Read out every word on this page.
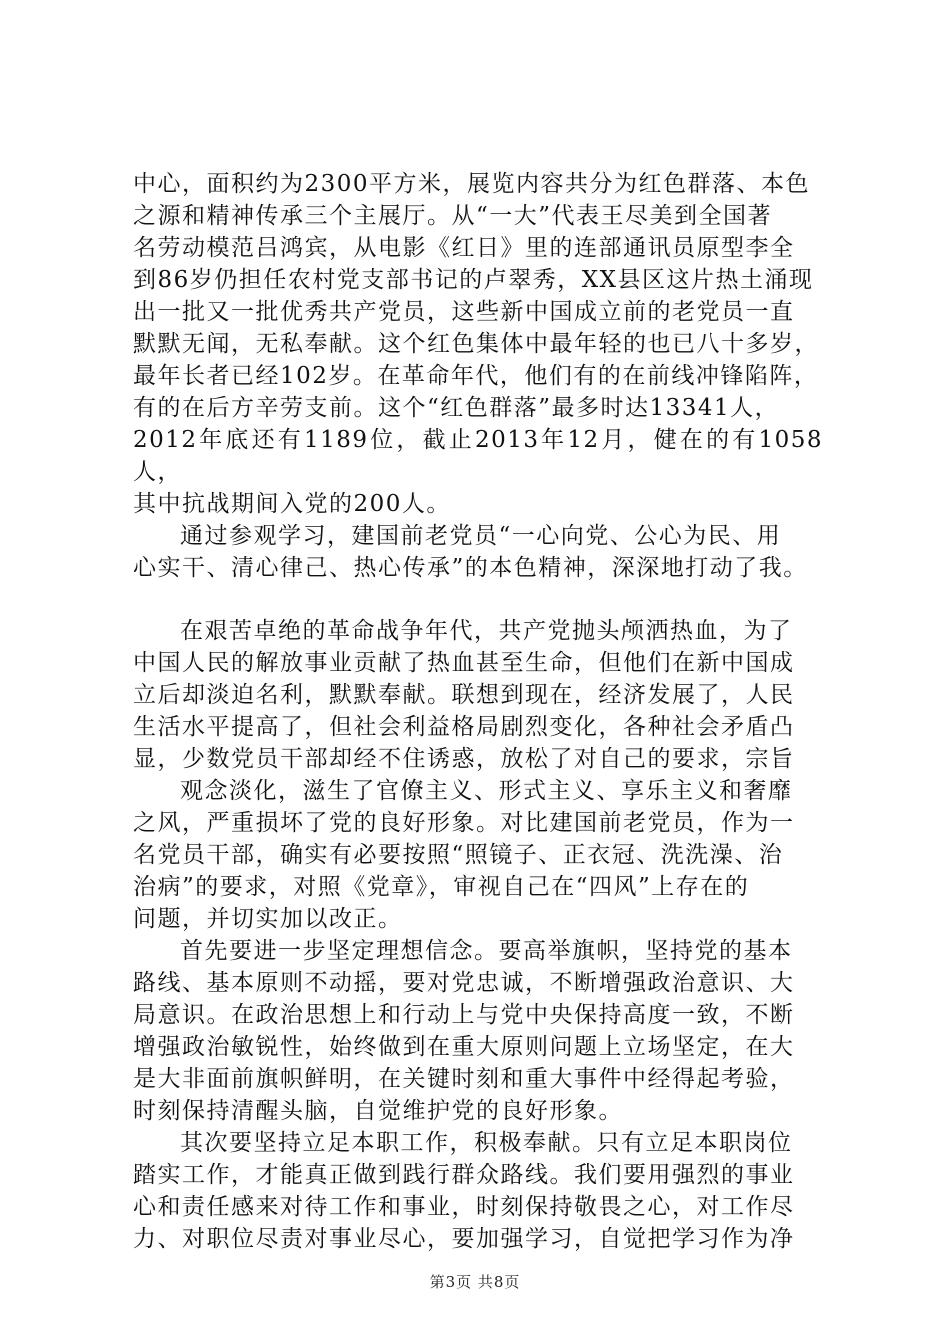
中心，面积约为2300平方米，展览内容共分为红色群落、本色
之源和精神传承三个主展厅。从“一大”代表王尽美到全国著
名劳动模范吕鸿宾，从电影《红日》里的连部通讯员原型李全
到86岁仍担任农村党支部书记的卢翠秀，XX县区这片热土涌现
出一批又一批优秀共产党员，这些新中国成立前的老党员一直
默默无闻，无私奉献。这个红色集体中最年轻的也已八十多岁，
最年长者已经102岁。在革命年代，他们有的在前线冲锋陷阵，
有的在后方辛劳支前。这个“红色群落”最多时达13341人，
2012年底还有1189位，截止2013年12月，健在的有1058人，
其中抗战期间入党的200人。

通过参观学习，建国前老党员“一心向党、公心为民、用
心实干、清心律己、热心传承”的本色精神，深深地打动了我。

在艰苦卓绝的革命战争年代，共产党抛头颅洒热血，为了
中国人民的解放事业贡献了热血甚至生命，但他们在新中国成
立后却淡迫名利，默默奉献。联想到现在，经济发展了，人民
生活水平提高了，但社会利益格局剧烈变化，各种社会矛盾凸
显，少数党员干部却经不住诱惑，放松了对自己的要求，宗旨

观念淡化，滋生了官僚主义、形式主义、享乐主义和奢靡
之风，严重损坏了党的良好形象。对比建国前老党员，作为一
名党员干部，确实有必要按照“照镜子、正衣冠、洗洗澡、治
治病”的要求，对照《党章》，审视自己在“四风”上存在的
问题，并切实加以改正。

首先要进一步坚定理想信念。要高举旗帜，坚持党的基本
路线、基本原则不动摇，要对党忠诚，不断增强政治意识、大
局意识。在政治思想上和行动上与党中央保持高度一致，不断
增强政治敏锐性，始终做到在重大原则问题上立场坚定，在大
是大非面前旗帜鲜明，在关键时刻和重大事件中经得起考验，
时刻保持清醒头脑，自觉维护党的良好形象。

其次要坚持立足本职工作，积极奉献。只有立足本职岗位
踏实工作，才能真正做到践行群众路线。我们要用强烈的事业
心和责任感来对待工作和事业，时刻保持敬畏之心，对工作尽
力、对职位尽责对事业尽心，要加强学习，自觉把学习作为净

第3页 共8页
